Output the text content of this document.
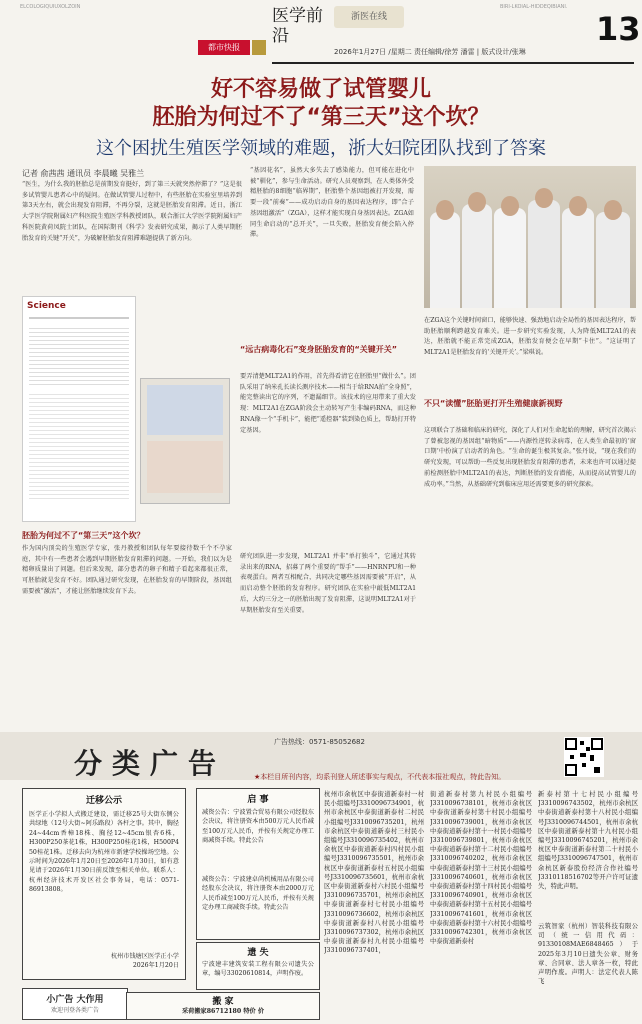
ELCOLOGIQUIUXOLZOIN	BIRI-LKOIAL-HIDDEQIBIANI.
都市快报
医学前沿
浙医在线
2026年1月27日 /星期二 责任编辑/徐芳 潘雷 | 版式设计/张琳
13
好不容易做了试管婴儿
胚胎为何过不了“第三天”这个坎？
这个困扰生殖医学领域的难题，浙大妇院团队找到了答案
记者 俞茜茜 通讯员 李晨曦 吴雅兰
“医生，为什么我的胚胎总是前期发育挺好，到了第三天就突然停滞了？”这是很多试管婴儿患者心中的疑问。在做试管婴儿过程中，有些胚胎在实验室里培养到第3天左右，就会出现发育阻滞，不再分裂，这就是胚胎发育阻滞。近日，浙江大学医学院附属妇产科医院生殖医学科教授团队，联合浙江大学医学院附属妇产科医院黄荷凤院士团队，在国际期刊《科学》发表研究成果，揭示了人类早期胚胎发育的关键“开关”，为破解胚胎发育阻滞难题提供了新方向。
Science
胚胎为何过不了“第三天”这个坎？
作为国内顶尖的生殖医学专家，张丹教授和团队每年要接待数千个不孕家庭，其中有一些患者会遇到早期胚胎发育阻滞的问题。一开始，我们以为是精卵质量出了问题。但后来发现，部分患者的卵子和精子看起来都很正常，可胚胎就是发育不好。团队通过研究发现，在胚胎发育的早期阶段，基因组需要被“激活”，才能让胚胎继续发育下去。
“基因花名”，虽然大多失去了感染能力，但可能在进化中被“驯化”，参与生命活动。研究人员观察到，在人类体外受精胚胎的8细胞“临界期”，胚胎整个基因组被打开发现，需要一段“前奏”——成功启动自身的基因表达程序，即“合子基因组激活”（ZGA），这样才能实现自身基因表达。ZGA如同生命启动的“总开关”，一旦失败，胚胎发育便会陷入停滞。
“远古病毒化石”变身胚胎发育的“关键开关”
要弄清楚MLT2A1的作用，首先得看清它在胚胎里“做什么”。团队采用了纳米孔长读长测序技术——相当于给RNA拍“全身照”，能完整读出它的序列，不遗漏细节。该技术的应用带来了重大发现：MLT2A1在ZGA阶段会主动转写产生非编码RNA，而这种RNA像一个“手机卡”，能把“遥控器”装到染色质上，帮助打开特定基因。
研究团队进一步发现，MLT2A1 并非“单打独斗”，它通过其转录出来的RNA，招募了两个重要的“帮手”——HNRNPU和一种表观蛋白。两者互相配合，共同决定哪些基因需要被“开启”，从而启动整个胚胎的发育程序。研究团队在实验中敲低MLT2A1后，大约三分之一的胚胎出现了发育阻滞，这说明MLT2A1对于早期胚胎发育至关重要。
在ZGA这个关键时间窗口，能够快速、强劲地启动全局性的基因表达程序，帮助胚胎顺利跨越发育难关。进一步研究实验发现，人为降低MLT2A1的表达，胚胎就不能正常完成ZGA，胚胎发育便会在早期“卡住”。“这证明了MLT2A1是胚胎发育的‘关键开关’。”梁琪说。
不只“读懂”胚胎更打开生殖健康新视野
这项联合了基础和临床的研究，深化了人们对生命起始的理解，研究首次揭示了曾被忽视的基因组“暗物质”——内源性逆转录病毒，在人类生命最初的‘窗口期’中扮演了启动者的角色。“生命的诞生极其复杂。”张丹说，“现在我们的研究发现，可以帮助一些反复出现胚胎发育阻滞的患者，未来也许可以通过提前检测胚胎中MLT2A1的表达，判断胚胎的发育潜能，从而提高试管婴儿的成功率。”当然，从基础研究到临床应用还需要更多的研究探索。
分类广告
广告热线：0571-85052682
★本栏目所刊内容，均系刊登人所述事实与观点，不代表本报社观点，特此告知。
迁移公示
医学正小学拟人式搬迁建设，需迁移25号大街东侧公共绿地（12号大街~阿乐路段）各杆之事。其中，胸径24~44cm香樟18株、胸径12~45cm银杏6株，H300P250茶花1株，H300P250桂花1株，H500P4 50桂花1株。迁移去向为杭州市新建学校操场空地。公示时间为2026年1月20日至2026年1月30日，如有意见请于2026年1月30日前反馈至相关单位。联系人：杭州经济技术开发区社会事务局，电话：0571-86913808。
杭州市钱塘区医学正小学
2026年1月20日
小广告 大作用
欢迎刊登各类广告
启 事
减资公告：宁波置合贸易有限公司经股东会决议，将注册资本由500万元人民币减至100万元人民币，并按有关规定办理工商减资手续。特此公告
减资公告：宁波建卓尚机械用品有限公司经股东会决议，将注册资本由2000万元人民币减至100万元人民币，并按有关规定办理工商减资手续。特此公告
遗 失
宁波建丰建筑安装工程有限公司遗失公章，编号33020610814，声明作废。
搬 家
采荷搬家86712180 特价 价
杭州市余杭区中泰街道新泰村一村民小组编号J3310096734901，杭州市余杭区中泰街道新泰村二村民小组编号J3310096735201，杭州市余杭区中泰街道新泰村三村民小组编号J3310096735402，杭州市余杭区中泰街道新泰村四村民小组编号J3310096735501，杭州市余杭区中泰街道新泰村五村民小组编号J3310096735601，杭州市余杭区中泰街道新泰村六村民小组编号J3310096735701，杭州市余杭区中泰街道新泰村七村民小组编号J3310096736602，杭州市余杭区中泰街道新泰村八村民小组编号J3310096737302，杭州市余杭区中泰街道新泰村九村民小组编号J3310096737401，
街道新泰村第九村民小组编号J3310096738101，杭州市余杭区中泰街道新泰村第十村民小组编号J3310096739001，杭州市余杭区中泰街道新泰村第十一村民小组编号J3310096739801，杭州市余杭区中泰街道新泰村第十二村民小组编号J3310096740202，杭州市余杭区中泰街道新泰村第十三村民小组编号J3310096740601，杭州市余杭区中泰街道新泰村第十四村民小组编号J3310096740901，杭州市余杭区中泰街道新泰村第十五村民小组编号J3310096741601，杭州市余杭区中泰街道新泰村第十六村民小组编号J3310096742301，杭州市余杭区中泰街道新泰村
新泰村第十七村民小组编号J3310096743502，杭州市余杭区中泰街道新泰村第十八村民小组编号J3310096744501，杭州市余杭区中泰街道新泰村第十九村民小组编号J3310096745201，杭州市余杭区中泰街道新泰村第二十村民小组编号J3310096747501，杭州市余杭区新泰股份经济合作社编号J3310118516702等开户许可证遗失，特此声明。
云筑智家（杭州）智装科技有限公司（统一信用代码：91330108MAE6848465）于2025年3月10日遗失公章、财务章、合同章、法人章各一枚，特此声明作废。声明人：法定代表人陈飞
